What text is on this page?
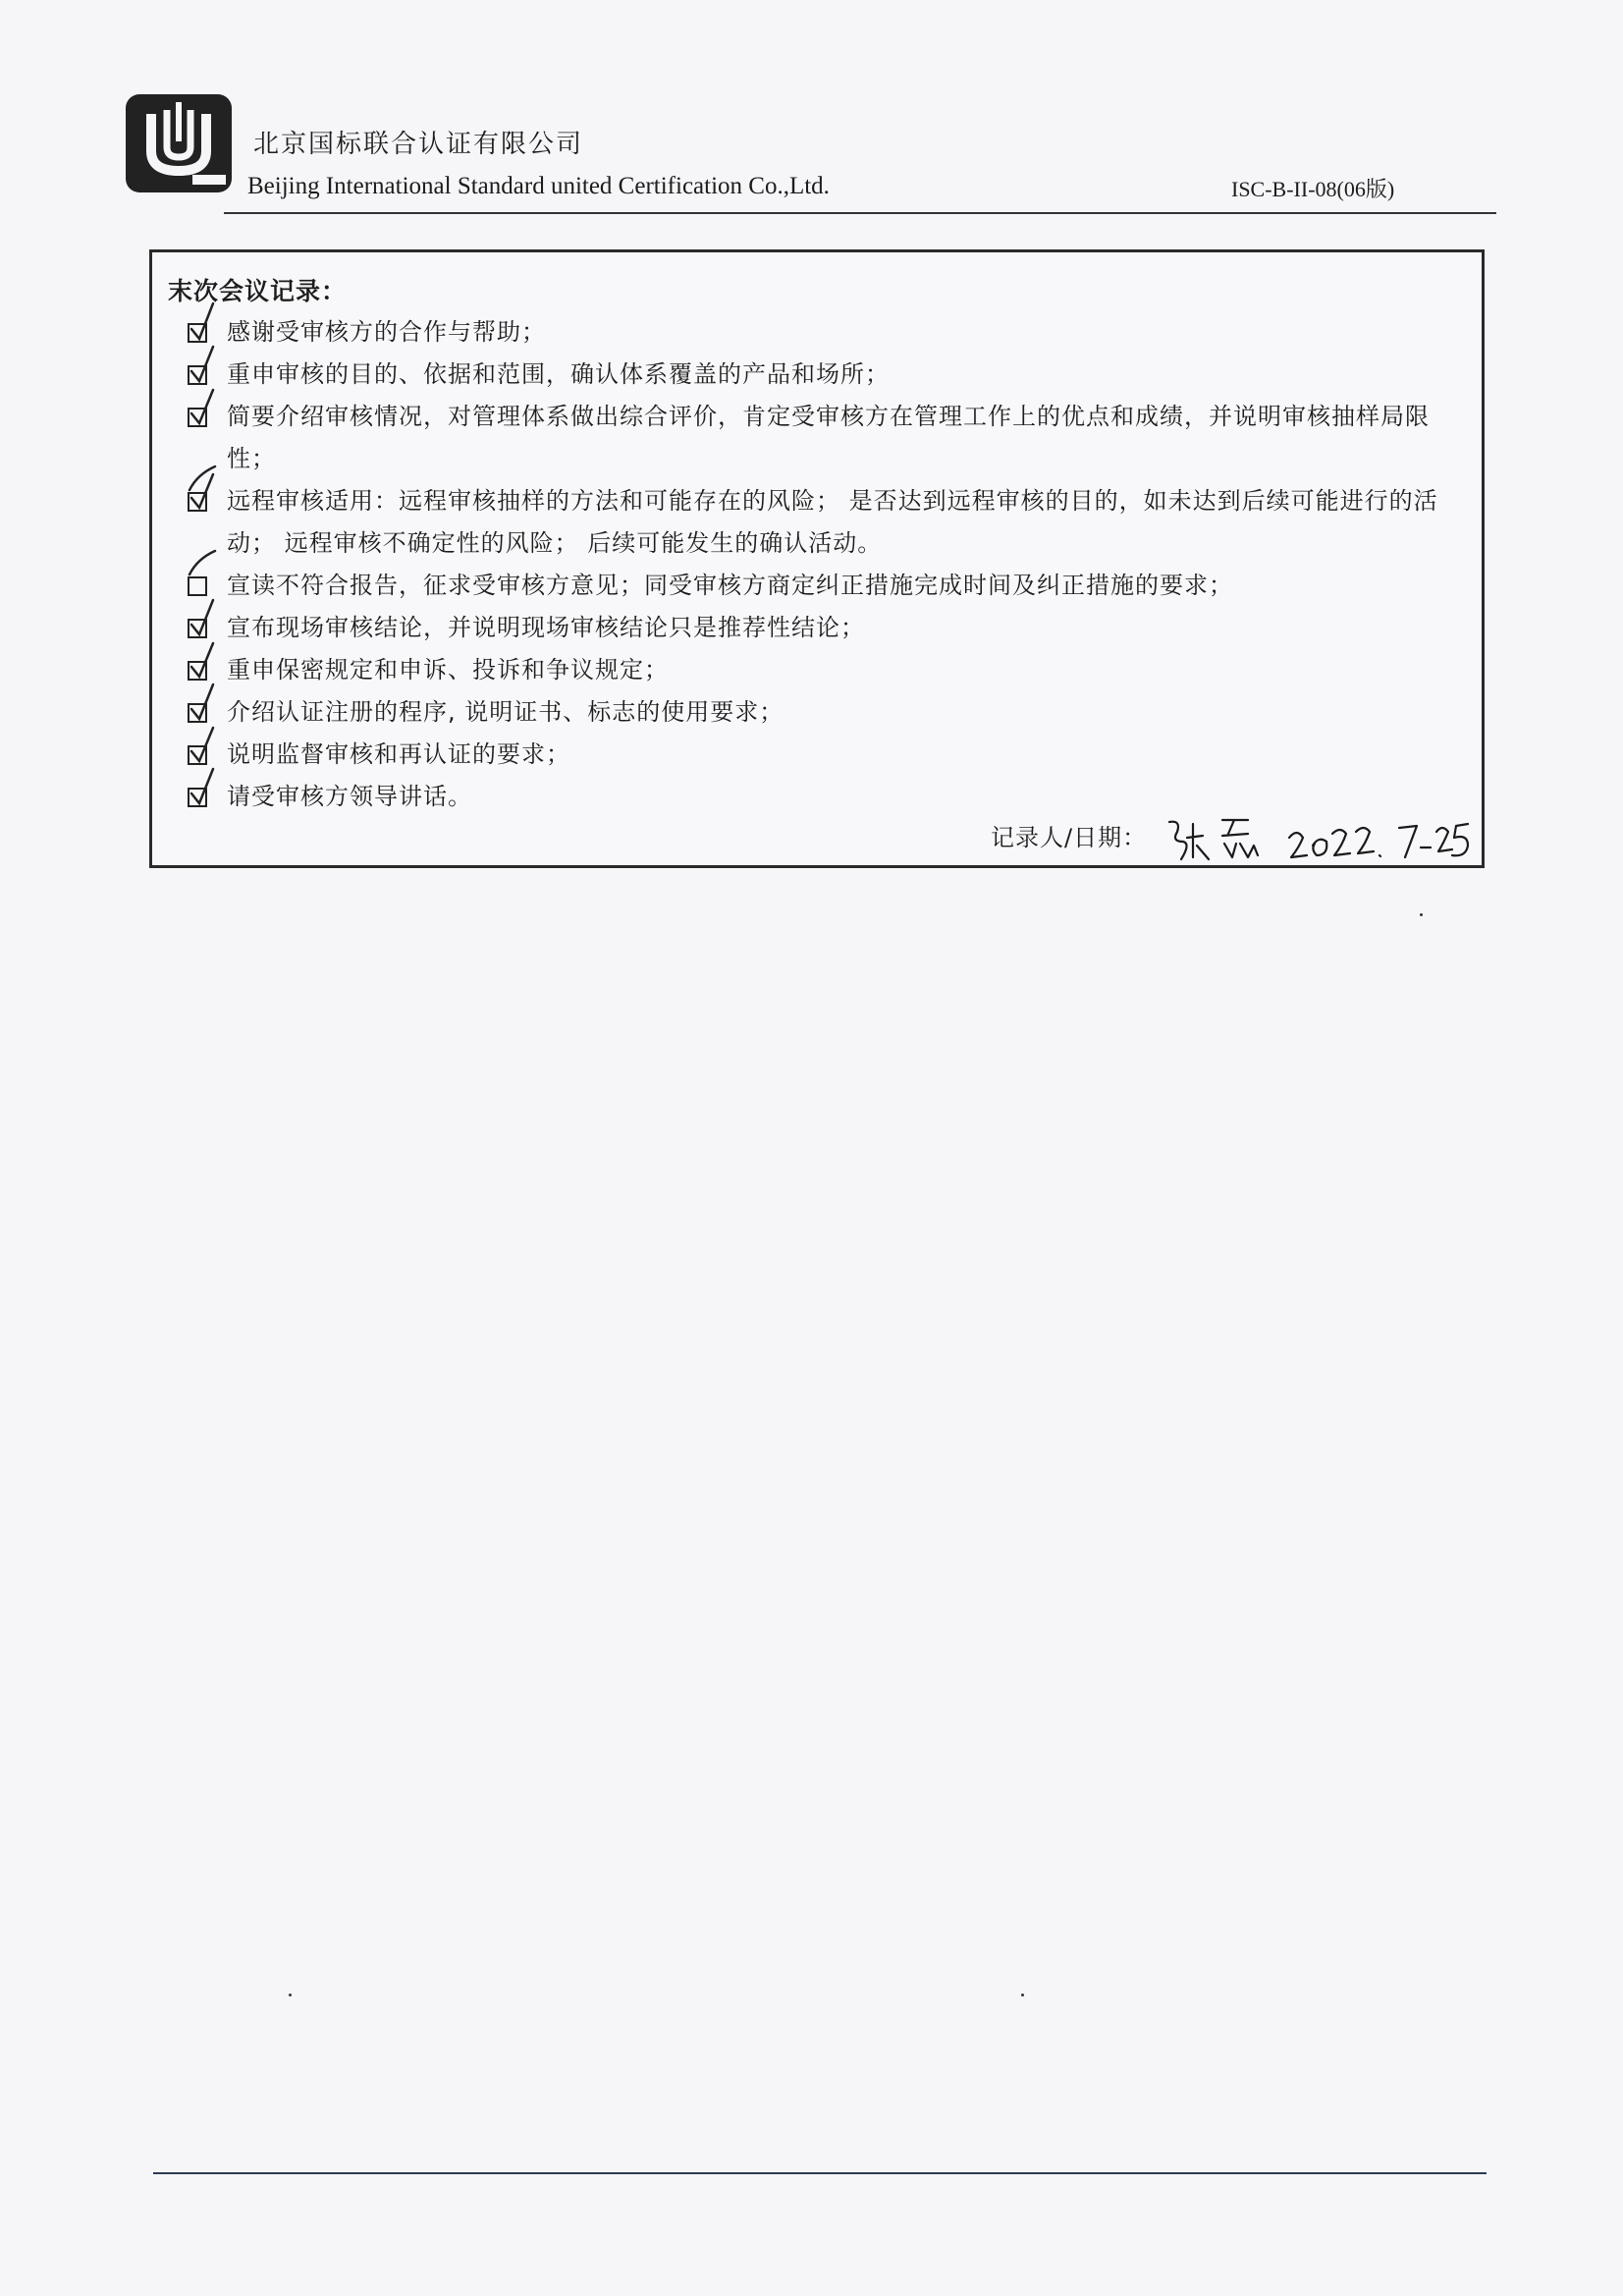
北京国标联合认证有限公司
Beijing International Standard united Certification Co.,Ltd.	ISC-B-II-08(06版)
末次会议记录：
感谢受审核方的合作与帮助；
重申审核的目的、依据和范围，确认体系覆盖的产品和场所；
简要介绍审核情况，对管理体系做出综合评价，肯定受审核方在管理工作上的优点和成绩，并说明审核抽样局限性；
远程审核适用：远程审核抽样的方法和可能存在的风险； 是否达到远程审核的目的，如未达到后续可能进行的活动； 远程审核不确定性的风险； 后续可能发生的确认活动。
宣读不符合报告，征求受审核方意见；同受审核方商定纠正措施完成时间及纠正措施的要求；
宣布现场审核结论，并说明现场审核结论只是推荐性结论；
重申保密规定和申诉、投诉和争议规定；
介绍认证注册的程序, 说明证书、标志的使用要求；
说明监督审核和再认证的要求；
请受审核方领导讲话。
记录人/日期：
